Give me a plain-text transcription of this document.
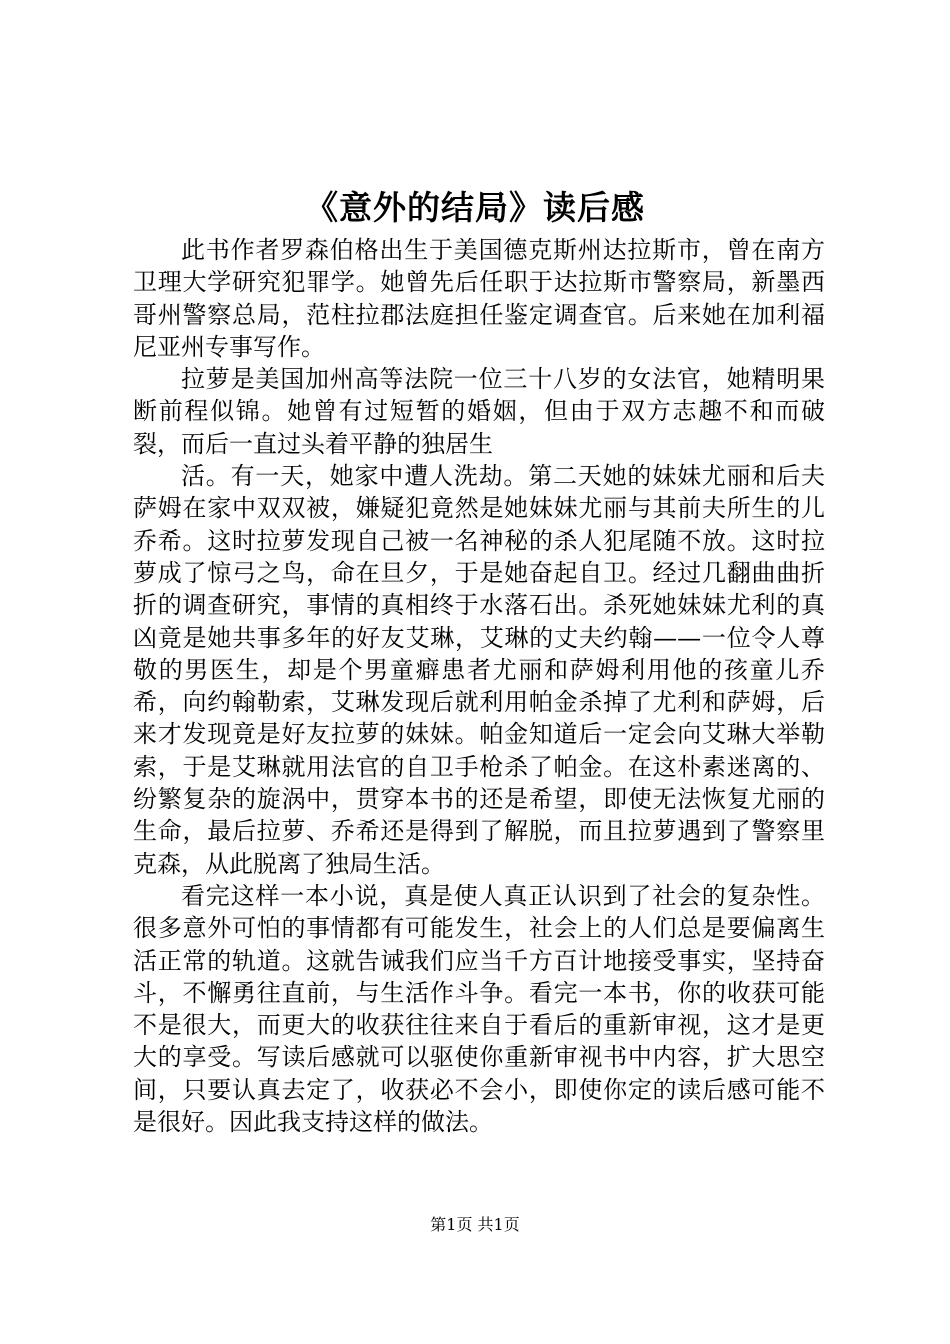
《意外的结局》读后感

此书作者罗森伯格出生于美国德克斯州达拉斯市，曾在南方卫理大学研究犯罪学。她曾先后任职于达拉斯市警察局，新墨西哥州警察总局，范柱拉郡法庭担任鉴定调查官。后来她在加利福尼亚州专事写作。

拉萝是美国加州高等法院一位三十八岁的女法官，她精明果断前程似锦。她曾有过短暂的婚姻，但由于双方志趣不和而破裂，而后一直过头着平静的独居生

活。有一天，她家中遭人洗劫。第二天她的妹妹尤丽和后夫萨姆在家中双双被，嫌疑犯竟然是她妹妹尤丽与其前夫所生的儿乔希。这时拉萝发现自己被一名神秘的杀人犯尾随不放。这时拉萝成了惊弓之鸟，命在旦夕，于是她奋起自卫。经过几翻曲曲折折的调查研究，事情的真相终于水落石出。杀死她妹妹尤利的真凶竟是她共事多年的好友艾琳，艾琳的丈夫约翰——一位令人尊敬的男医生，却是个男童癖患者尤丽和萨姆利用他的孩童儿乔希，向约翰勒索，艾琳发现后就利用帕金杀掉了尤利和萨姆，后来才发现竟是好友拉萝的妹妹。帕金知道后一定会向艾琳大举勒索，于是艾琳就用法官的自卫手枪杀了帕金。在这朴素迷离的、纷繁复杂的旋涡中，贯穿本书的还是希望，即使无法恢复尤丽的生命，最后拉萝、乔希还是得到了解脱，而且拉萝遇到了警察里克森，从此脱离了独局生活。

看完这样一本小说，真是使人真正认识到了社会的复杂性。很多意外可怕的事情都有可能发生，社会上的人们总是要偏离生活正常的轨道。这就告诫我们应当千方百计地接受事实，坚持奋斗，不懈勇往直前，与生活作斗争。看完一本书，你的收获可能不是很大，而更大的收获往往来自于看后的重新审视，这才是更大的享受。写读后感就可以驱使你重新审视书中内容，扩大思空间，只要认真去定了，收获必不会小，即使你定的读后感可能不是很好。因此我支持这样的做法。

第1页 共1页
